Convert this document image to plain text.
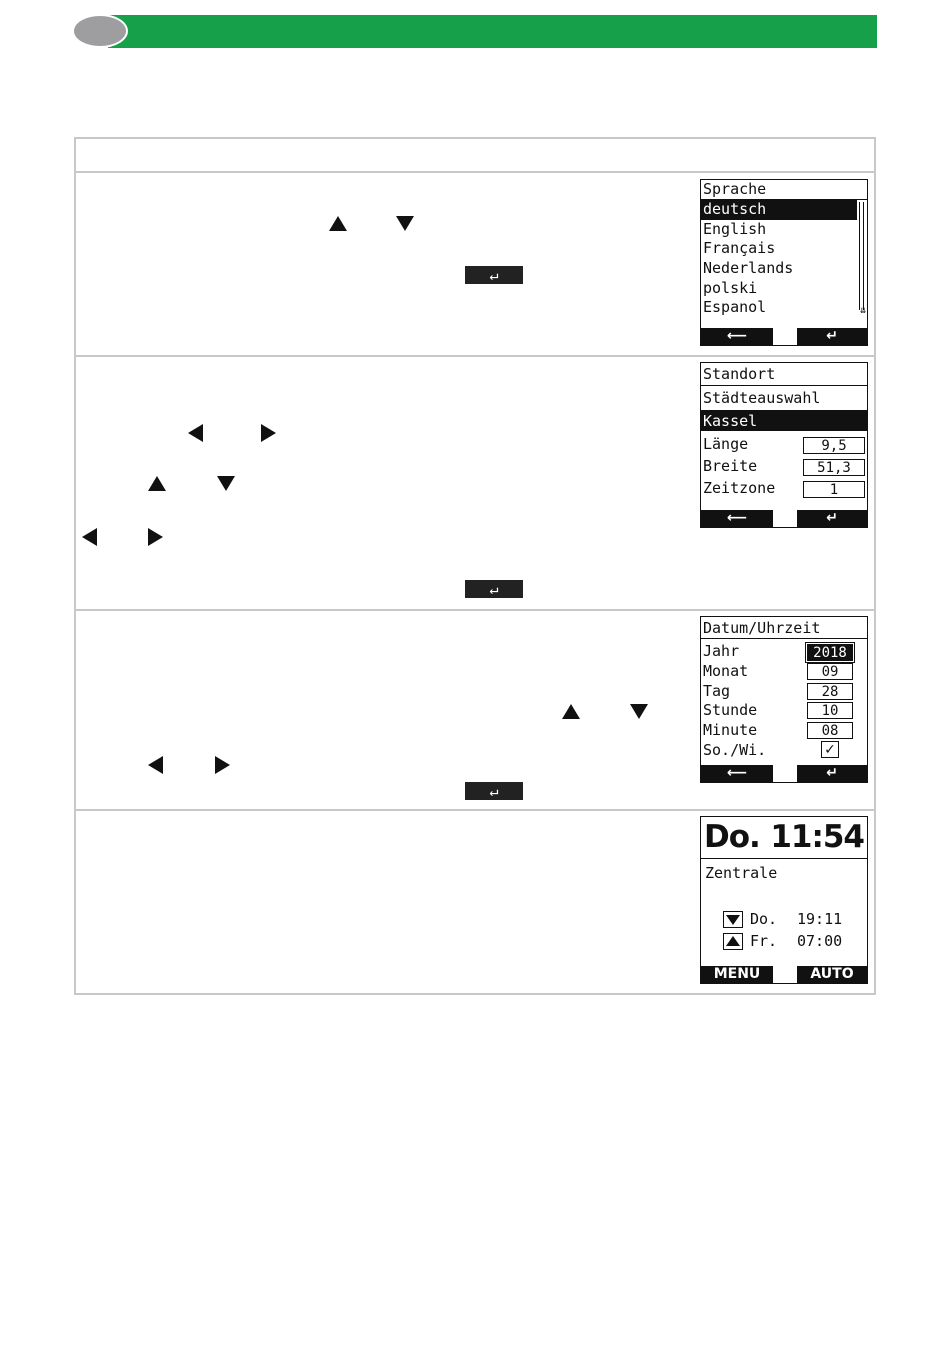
↵
Sprache
deutsch
English
Français
Nederlands
polski
Espanol	⇊
⟵	↵
↵
Standort
Städteauswahl
Kassel
Länge	9,5
Breite	51,3
Zeitzone	1
⟵	↵
↵
Datum/Uhrzeit
Jahr	2018
Monat	09
Tag	28
Stunde	10
Minute	08
So./Wi.	✓
⟵	↵
Do. 11:54
Zentrale
Do. 19:11
Fr. 07:00
MENU	AUTO
